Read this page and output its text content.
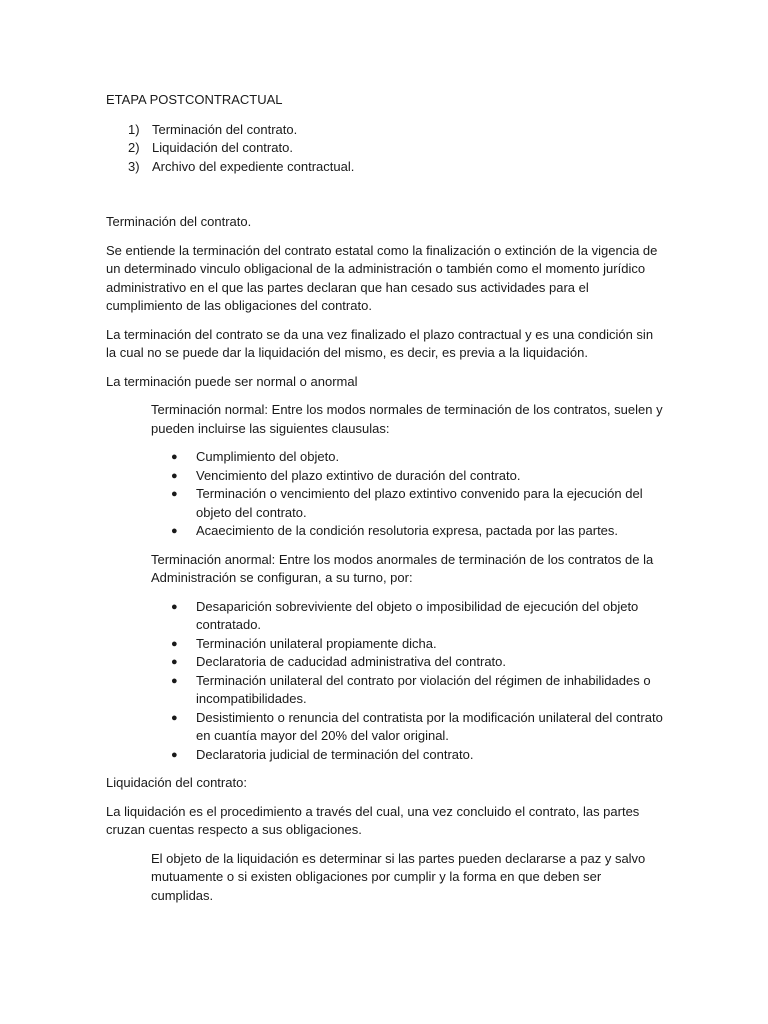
ETAPA POSTCONTRACTUAL

1) Terminación del contrato.
2) Liquidación del contrato.
3) Archivo del expediente contractual.

Terminación del contrato.

Se entiende la terminación del contrato estatal como la finalización o extinción de la vigencia de un determinado vinculo obligacional de la administración o también como el momento jurídico administrativo en el que las partes declaran que han cesado sus actividades para el cumplimiento de las obligaciones del contrato.

La terminación del contrato se da una vez finalizado el plazo contractual y es una condición sin la cual no se puede dar la liquidación del mismo, es decir, es previa a la liquidación.

La terminación puede ser normal o anormal

Terminación normal: Entre los modos normales de terminación de los contratos, suelen y pueden incluirse las siguientes clausulas:

●	Cumplimiento del objeto.
●	Vencimiento del plazo extintivo de duración del contrato.
●	Terminación o vencimiento del plazo extintivo convenido para la ejecución del objeto del contrato.
●	Acaecimiento de la condición resolutoria expresa, pactada por las partes.

Terminación anormal: Entre los modos anormales de terminación de los contratos de la Administración se configuran, a su turno, por:

●	Desaparición sobreviviente del objeto o imposibilidad de ejecución del objeto contratado.
●	Terminación unilateral propiamente dicha.
●	Declaratoria de caducidad administrativa del contrato.
●	Terminación unilateral del contrato por violación del régimen de inhabilidades o incompatibilidades.
●	Desistimiento o renuncia del contratista por la modificación unilateral del contrato en cuantía mayor del 20% del valor original.
●	Declaratoria judicial de terminación del contrato.

Liquidación del contrato:

La liquidación es el procedimiento a través del cual, una vez concluido el contrato, las partes cruzan cuentas respecto a sus obligaciones.

El objeto de la liquidación es determinar si las partes pueden declararse a paz y salvo mutuamente o si existen obligaciones por cumplir y la forma en que deben ser cumplidas.
